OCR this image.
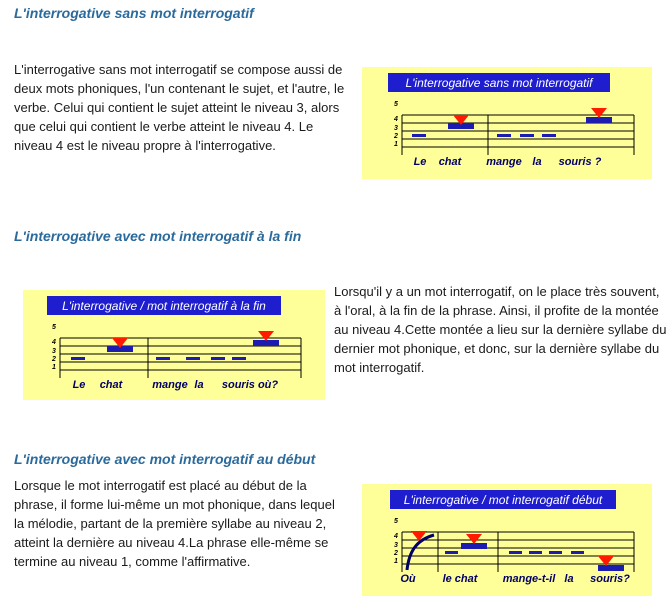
L'interrogative sans mot interrogatif

L'interrogative sans mot interrogatif se compose aussi de deux mots phoniques, l'un contenant le sujet, et l'autre, le verbe. Celui qui contient le sujet atteint le niveau 3, alors que celui qui contient le verbe atteint le niveau 4. Le niveau 4 est le niveau propre à l'interrogative.

L'interrogative sans mot interrogatif
5
4
3
2
1
Le chat mange la souris ?
L'interrogative avec mot interrogatif à la fin
L'interrogative / mot interrogatif à la fin
5
4
3
2
1
Le chat	mange la souris où?

Lorsqu'il y a un mot interrogatif, on le place très souvent, à l'oral, à la fin de la phrase. Ainsi, il profite de la montée au niveau 4.Cette montée a lieu sur la dernière syllabe du dernier mot phonique, et donc, sur la dernière syllabe du mot interrogatif.

L'interrogative avec mot interrogatif au début

Lorsque le mot interrogatif est placé au début de la phrase, il forme lui-même un mot phonique, dans lequel la mélodie, partant de la première syllabe au niveau 2, atteint la dernière au niveau 4.La phrase elle-même se termine au niveau 1, comme l'affirmative.

L'interrogative / mot interrogatif début
5
4
3
2
1
Où le chat mange-t-il la souris?
